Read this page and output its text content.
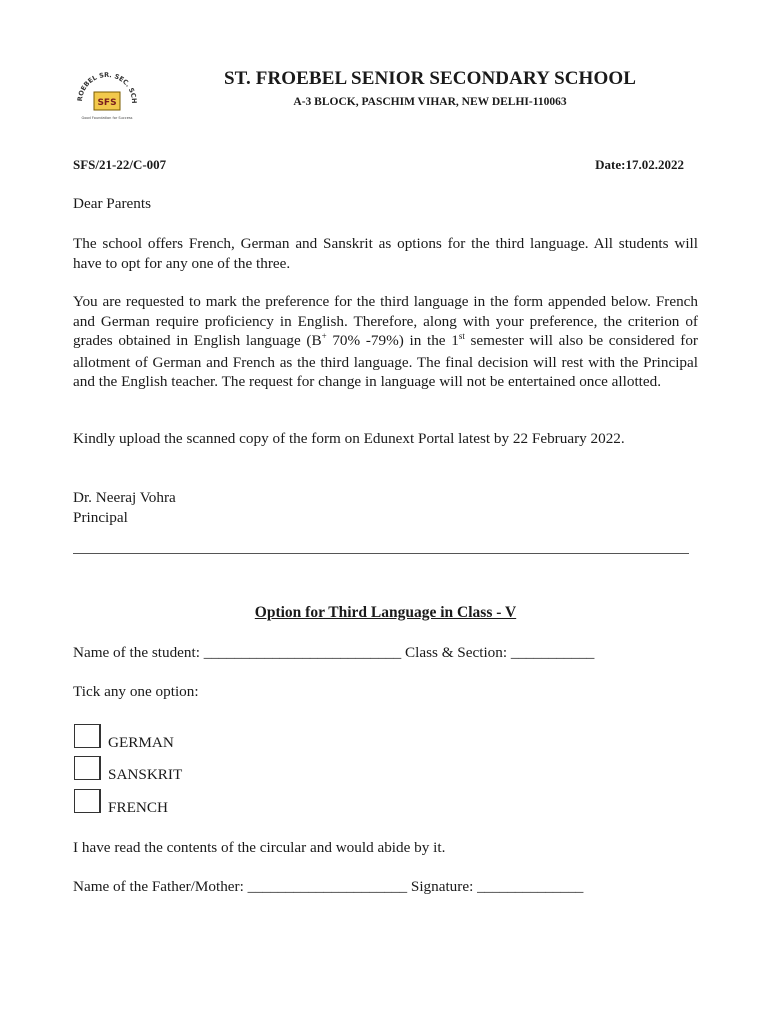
ROEBEL SR. SEC. SCH
SFS
Good Foundation for Success
ST. FROEBEL SENIOR SECONDARY SCHOOL
A-3 BLOCK, PASCHIM VIHAR, NEW DELHI-110063
SFS/21-22/C-007	Date:17.02.2022

Dear Parents

The school offers French, German and Sanskrit as options for the third language. All students will have to opt for any one of the three.

You are requested to mark the preference for the third language in the form appended below. French and German require proficiency in English. Therefore, along with your preference, the criterion of grades obtained in English language (B+ 70% -79%) in the 1st semester will also be considered for allotment of German and French as the third language. The final decision will rest with the Principal and the English teacher. The request for change in language will not be entertained once allotted.

Kindly upload the scanned copy of the form on Edunext Portal latest by 22 February 2022.

Dr. Neeraj Vohra

Principal

Option for Third Language in Class - V
Name of the student: __________________________ Class & Section: ___________
Tick any one option:
GERMAN
SANSKRIT
FRENCH
I have read the contents of the circular and would abide by it.
Name of the Father/Mother: _____________________ Signature: ______________
